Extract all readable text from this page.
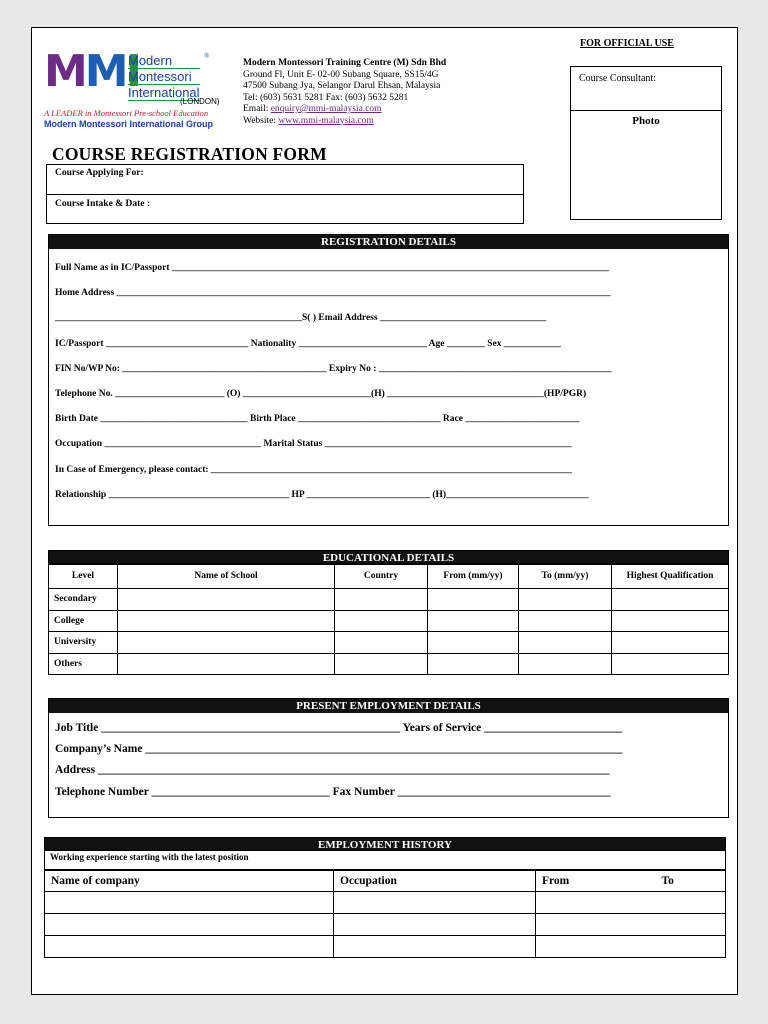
MMI
Modern
Montessori
International
®
(LONDON)
A LEADER in Montessori Pre-school Education
Modern Montessori International Group
Modern Montessori Training Centre (M) Sdn Bhd
Ground Fl, Unit E- 02-00 Subang Square, SS15/4G
47500 Subang Jya, Selangor Darul Ehsan, Malaysia
Tel: (603) 5631 5281 Fax: (603) 5632 5281
Email: enquiry@mmi-malaysia.com
Website: www.mmi-malaysia.com
FOR OFFICIAL USE
Course Consultant:
Photo
COURSE REGISTRATION FORM
Course Applying For:
Course Intake & Date :
REGISTRATION DETAILS
Full Name as in IC/Passport ____________________________________________________________________________________________
Home Address ________________________________________________________________________________________________________
____________________________________________________S( ) Email Address ___________________________________
IC/Passport ______________________________ Nationality ___________________________ Age ________ Sex ____________
FIN No/WP No: ___________________________________________ Expiry No : _________________________________________________
Telephone No. _______________________ (O) ___________________________(H) _________________________________(HP/PGR)
Birth Date _______________________________ Birth Place ______________________________ Race ________________________
Occupation _________________________________ Marital Status ____________________________________________________
In Case of Emergency, please contact: ____________________________________________________________________________
Relationship ______________________________________ HP __________________________ (H)______________________________
EDUCATIONAL DETAILS
Level	Name of School	Country	From (mm/yy)	To (mm/yy)	Highest Qualification
Secondary					
College					
University					
Others					
PRESENT EMPLOYMENT DETAILS
Job Title ____________________________________________________ Years of Service ________________________
Company’s Name ___________________________________________________________________________________
Address _________________________________________________________________________________________
Telephone Number _______________________________ Fax Number _____________________________________
EMPLOYMENT HISTORY
Working experience starting with the latest position
Name of company	Occupation	From	To
